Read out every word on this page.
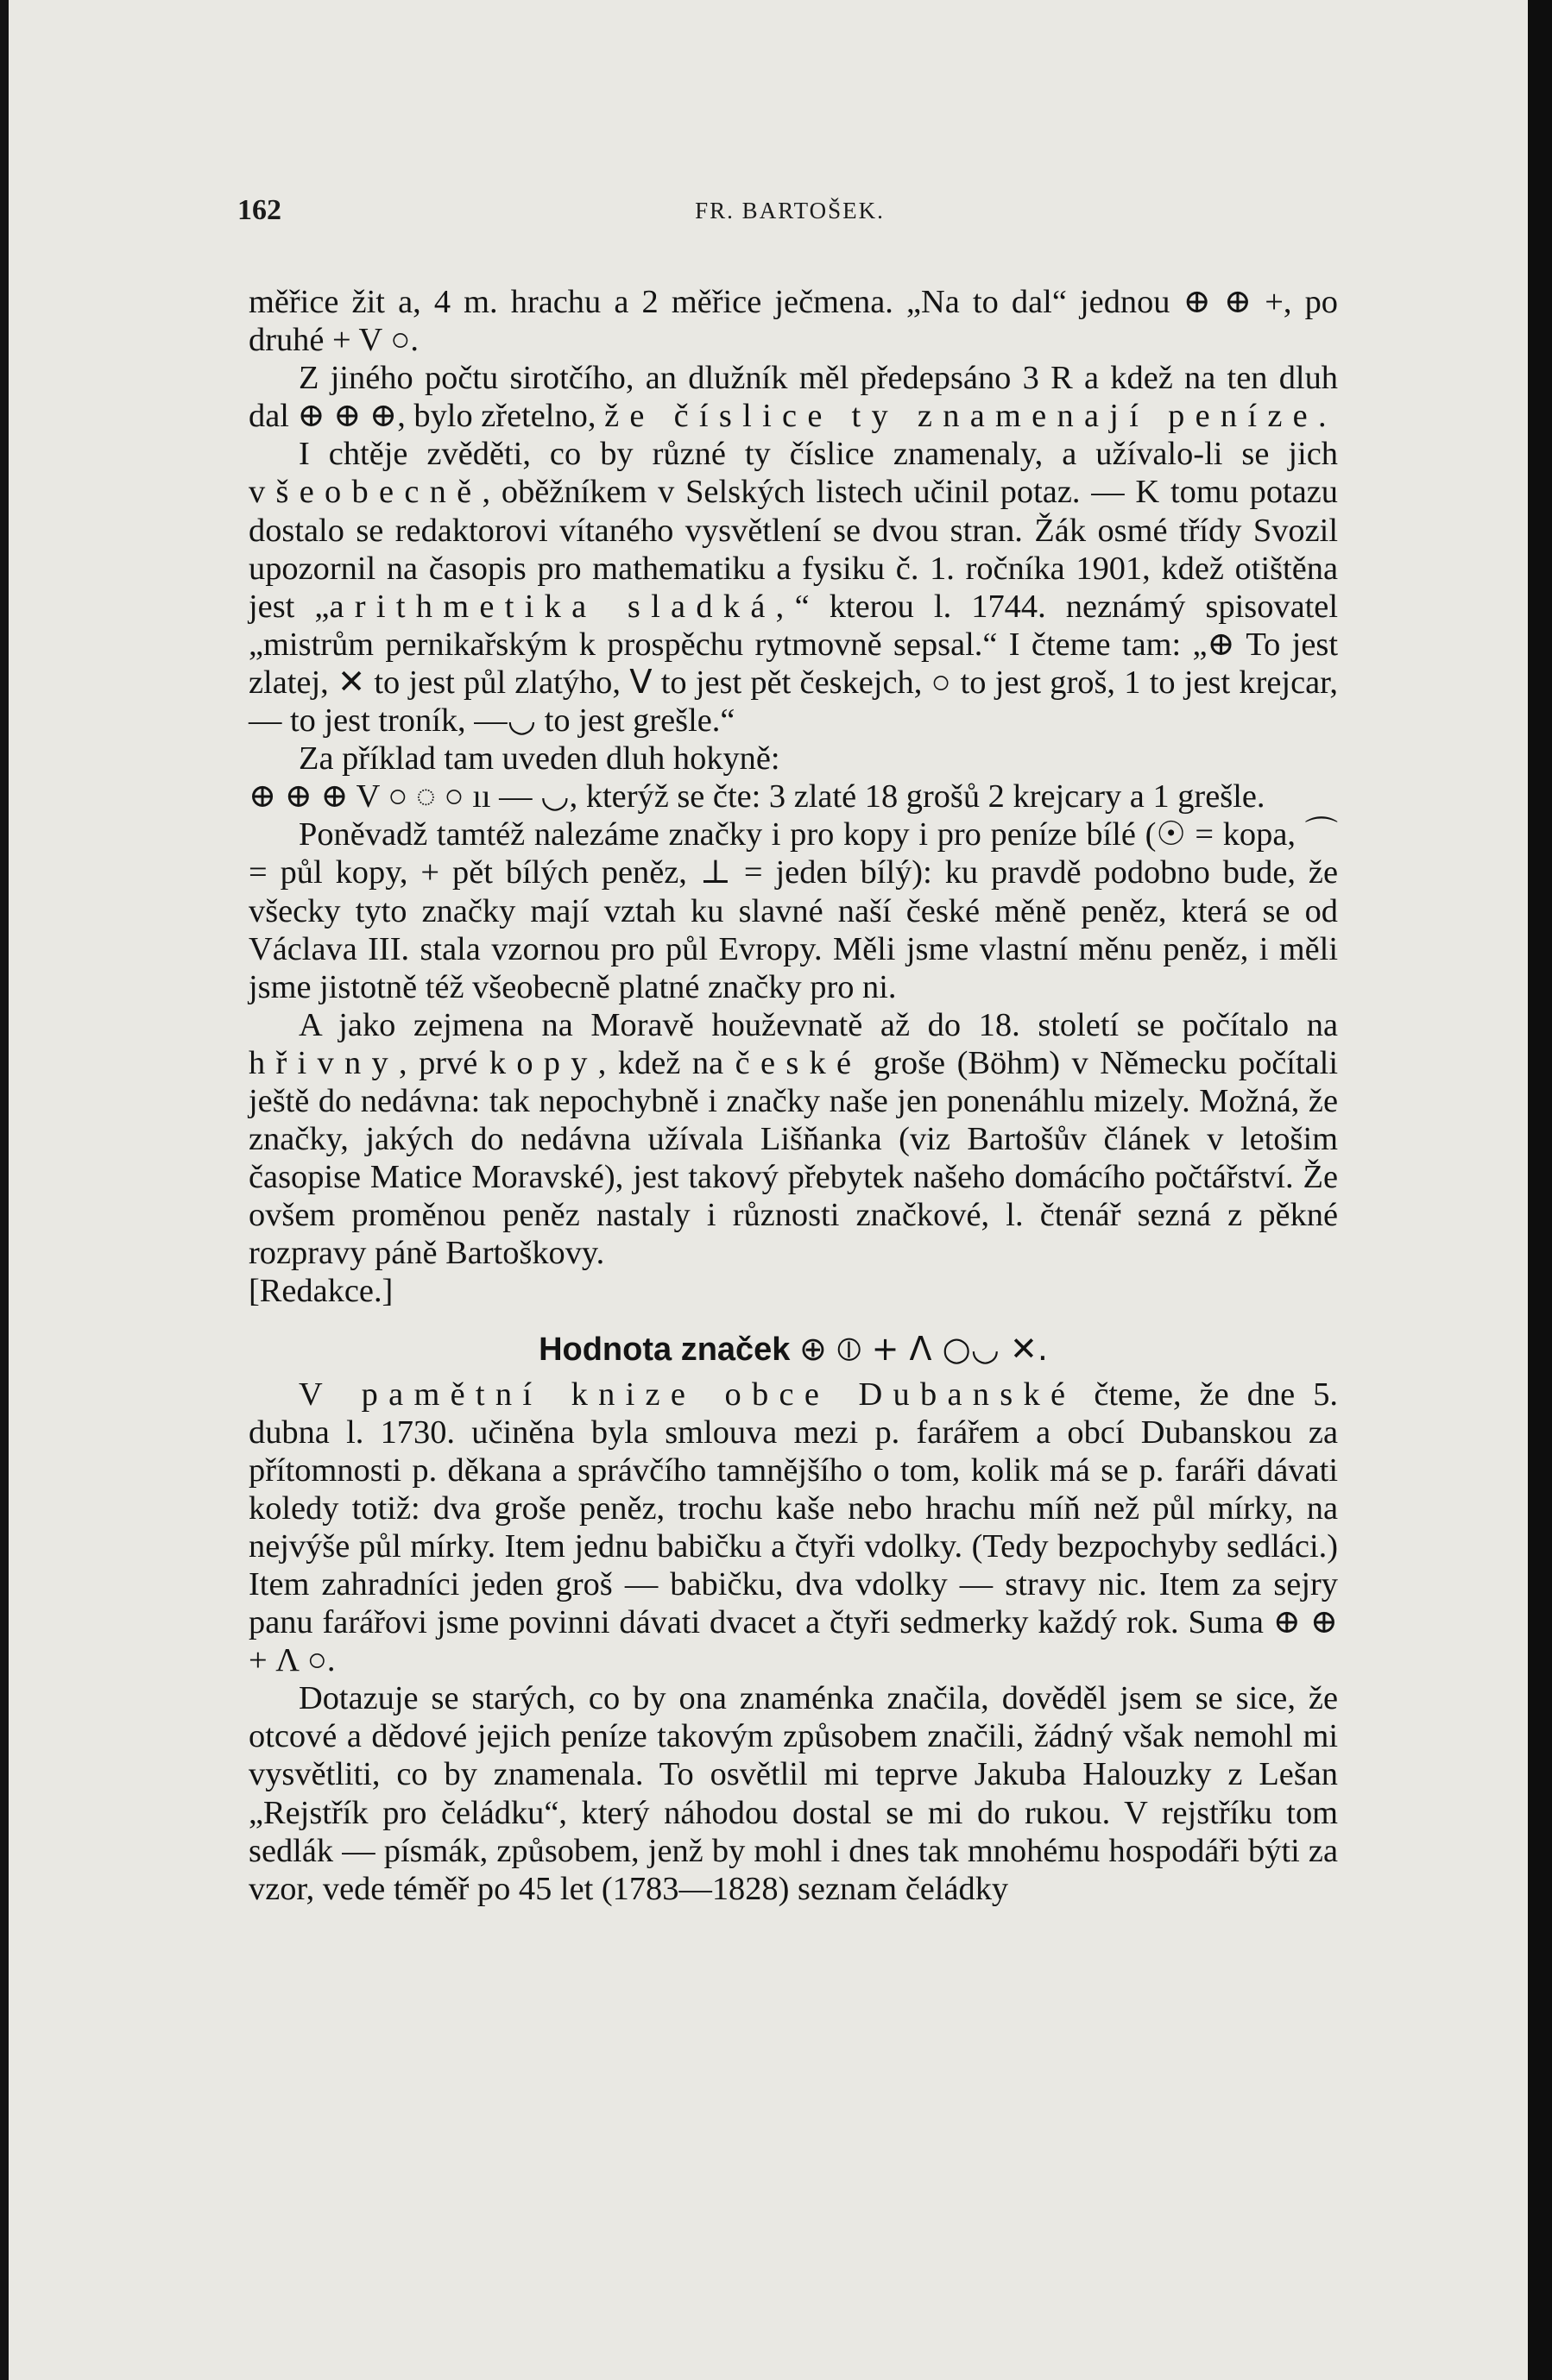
162	FR. BARTOŠEK.

měřice žit a, 4 m. hrachu a 2 měřice ječmena. „Na to dal“ jednou ⊕ ⊕ +, po druhé + V ○.

Z jiného počtu sirotčího, an dlužník měl předepsáno 3 R a kdež na ten dluh dal ⊕ ⊕ ⊕, bylo zřetelno, že číslice ty znamenají peníze.

I chtěje zvěděti, co by různé ty číslice znamenaly, a užívalo-li se jich všeobecně, oběžníkem v Selských listech učinil potaz. — K tomu potazu dostalo se redaktorovi vítaného vysvětlení se dvou stran. Žák osmé třídy Svozil upozornil na časopis pro mathematiku a fysiku č. 1. ročníka 1901, kdež otištěna jest „arithmetika sladká,“ kterou l. 1744. neznámý spisovatel „mistrům pernikařským k prospěchu rytmovně sepsal.“ I čteme tam: „⊕ To jest zlatej, ✕ to jest půl zlatýho, ᐯ to jest pět českejch, ○ to jest groš, 1 to jest krejcar, — to jest troník, —◡ to jest grešle.“

Za příklad tam uveden dluh hokyně:

⊕ ⊕ ⊕ V ○ ◌ ○ ıı — ◡, kterýž se čte: 3 zlaté 18 grošů 2 krejcary a 1 grešle.

Poněvadž tamtéž nalezáme značky i pro kopy i pro peníze bílé (☉ = kopa, ⌒ = půl kopy, + pět bílých peněz, ⊥ = jeden bílý): ku pravdě podobno bude, že všecky tyto značky mají vztah ku slavné naší české měně peněz, která se od Václava III. stala vzornou pro půl Evropy. Měli jsme vlastní měnu peněz, i měli jsme jistotně též všeobecně platné značky pro ni.

A jako zejmena na Moravě houževnatě až do 18. století se počítalo na hřivny, prvé kopy, kdež na české groše (Böhm) v Německu počítali ještě do nedávna: tak nepochybně i značky naše jen ponenáhlu mizely. Možná, že značky, jakých do nedávna užívala Lišňanka (viz Bartošův článek v letošim časopise Matice Moravské), jest takový přebytek našeho domácího počtářství. Že ovšem proměnou peněz nastaly i různosti značkové, l. čtenář sezná z pěkné rozpravy páně Bartoškovy.

[Redakce.]

Hodnota značek ⊕ ⦶ + Λ ○◡ ✕.

V pamětní knize obce Dubanské čteme, že dne 5. dubna l. 1730. učiněna byla smlouva mezi p. farářem a obcí Dubanskou za přítomnosti p. děkana a správčího tamnějšího o tom, kolik má se p. faráři dávati koledy totiž: dva groše peněz, trochu kaše nebo hrachu míň než půl mírky, na nejvýše půl mírky. Item jednu babičku a čtyři vdolky. (Tedy bezpochyby sedláci.) Item zahradníci jeden groš — babičku, dva vdolky — stravy nic. Item za sejry panu farářovi jsme povinni dávati dvacet a čtyři sedmerky každý rok. Suma ⊕ ⊕ + Λ ○.

Dotazuje se starých, co by ona znaménka značila, dověděl jsem se sice, že otcové a dědové jejich peníze takovým způsobem značili, žádný však nemohl mi vysvětliti, co by znamenala. To osvětlil mi teprve Jakuba Halouzky z Lešan „Rejstřík pro čeládku“, který náhodou dostal se mi do rukou. V rejstříku tom sedlák — písmák, způsobem, jenž by mohl i dnes tak mnohému hospodáři býti za vzor, vede téměř po 45 let (1783—1828) seznam čeládky
